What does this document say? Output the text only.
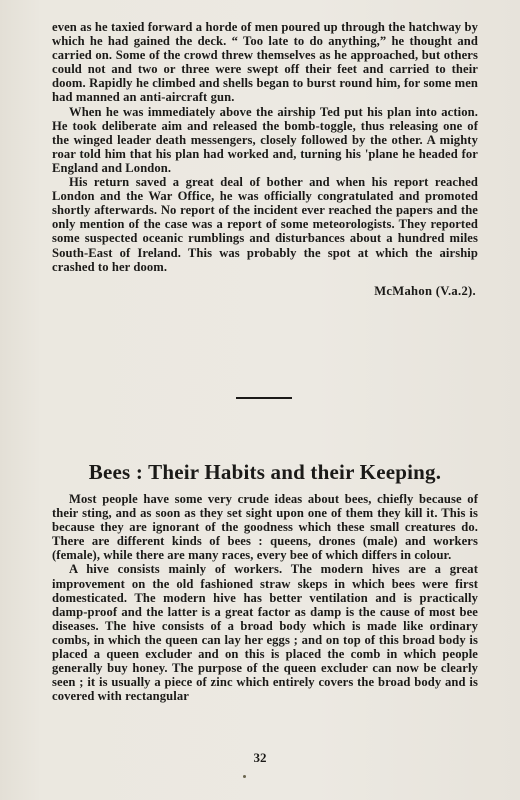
even as he taxied forward a horde of men poured up through the hatchway by which he had gained the deck. “ Too late to do anything,” he thought and carried on. Some of the crowd threw themselves as he approached, but others could not and two or three were swept off their feet and carried to their doom. Rapidly he climbed and shells began to burst round him, for some men had manned an anti-aircraft gun.

When he was immediately above the airship Ted put his plan into action. He took deliberate aim and released the bomb-toggle, thus releasing one of the winged leader death messengers, closely followed by the other. A mighty roar told him that his plan had worked and, turning his 'plane he headed for England and London.

His return saved a great deal of bother and when his report reached London and the War Office, he was officially congratulated and promoted shortly afterwards. No report of the incident ever reached the papers and the only mention of the case was a report of some meteorologists. They reported some suspected oceanic rumblings and disturbances about a hundred miles South-East of Ireland. This was probably the spot at which the airship crashed to her doom.

McMahon (V.a.2).
Bees : Their Habits and their Keeping.

Most people have some very crude ideas about bees, chiefly because of their sting, and as soon as they set sight upon one of them they kill it. This is because they are ignorant of the goodness which these small creatures do. There are different kinds of bees : queens, drones (male) and workers (female), while there are many races, every bee of which differs in colour.

A hive consists mainly of workers. The modern hives are a great improvement on the old fashioned straw skeps in which bees were first domesticated. The modern hive has better ventilation and is practically damp-proof and the latter is a great factor as damp is the cause of most bee diseases. The hive consists of a broad body which is made like ordinary combs, in which the queen can lay her eggs ; and on top of this broad body is placed a queen excluder and on this is placed the comb in which people generally buy honey. The purpose of the queen excluder can now be clearly seen ; it is usually a piece of zinc which entirely covers the broad body and is covered with rectangular

32
